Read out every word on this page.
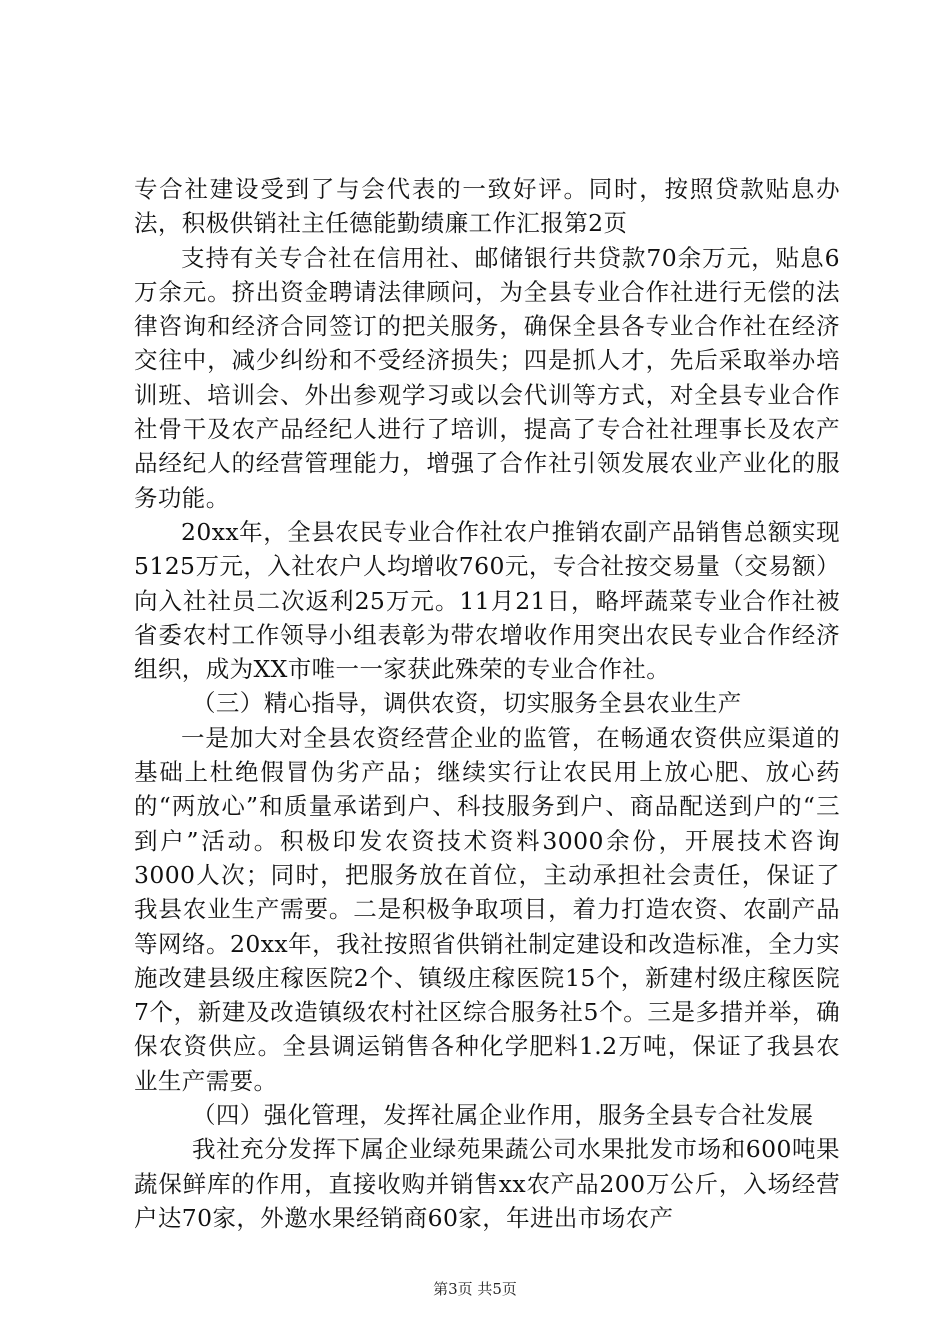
专合社建设受到了与会代表的一致好评。同时，按照贷款贴息办法，积极供销社主任德能勤绩廉工作汇报第2页

支持有关专合社在信用社、邮储银行共贷款70余万元，贴息6万余元。挤出资金聘请法律顾问，为全县专业合作社进行无偿的法律咨询和经济合同签订的把关服务，确保全县各专业合作社在经济交往中，减少纠纷和不受经济损失；四是抓人才，先后采取举办培训班、培训会、外出参观学习或以会代训等方式，对全县专业合作社骨干及农产品经纪人进行了培训，提高了专合社社理事长及农产品经纪人的经营管理能力，增强了合作社引领发展农业产业化的服务功能。

20xx年，全县农民专业合作社农户推销农副产品销售总额实现5125万元，入社农户人均增收760元，专合社按交易量（交易额）向入社社员二次返利25万元。11月21日，略坪蔬菜专业合作社被省委农村工作领导小组表彰为带农增收作用突出农民专业合作经济组织，成为XX市唯一一家获此殊荣的专业合作社。

（三）精心指导，调供农资，切实服务全县农业生产

一是加大对全县农资经营企业的监管，在畅通农资供应渠道的基础上杜绝假冒伪劣产品；继续实行让农民用上放心肥、放心药的“两放心”和质量承诺到户、科技服务到户、商品配送到户的“三到户”活动。积极印发农资技术资料3000余份，开展技术咨询3000人次；同时，把服务放在首位，主动承担社会责任，保证了我县农业生产需要。二是积极争取项目，着力打造农资、农副产品等网络。20xx年，我社按照省供销社制定建设和改造标准，全力实施改建县级庄稼医院2个、镇级庄稼医院15个，新建村级庄稼医院7个，新建及改造镇级农村社区综合服务社5个。三是多措并举，确保农资供应。全县调运销售各种化学肥料1.2万吨，保证了我县农业生产需要。

（四）强化管理，发挥社属企业作用，服务全县专合社发展

我社充分发挥下属企业绿苑果蔬公司水果批发市场和600吨果蔬保鲜库的作用，直接收购并销售xx农产品200万公斤，入场经营户达70家，外邀水果经销商60家，年进出市场农产

第3页 共5页
